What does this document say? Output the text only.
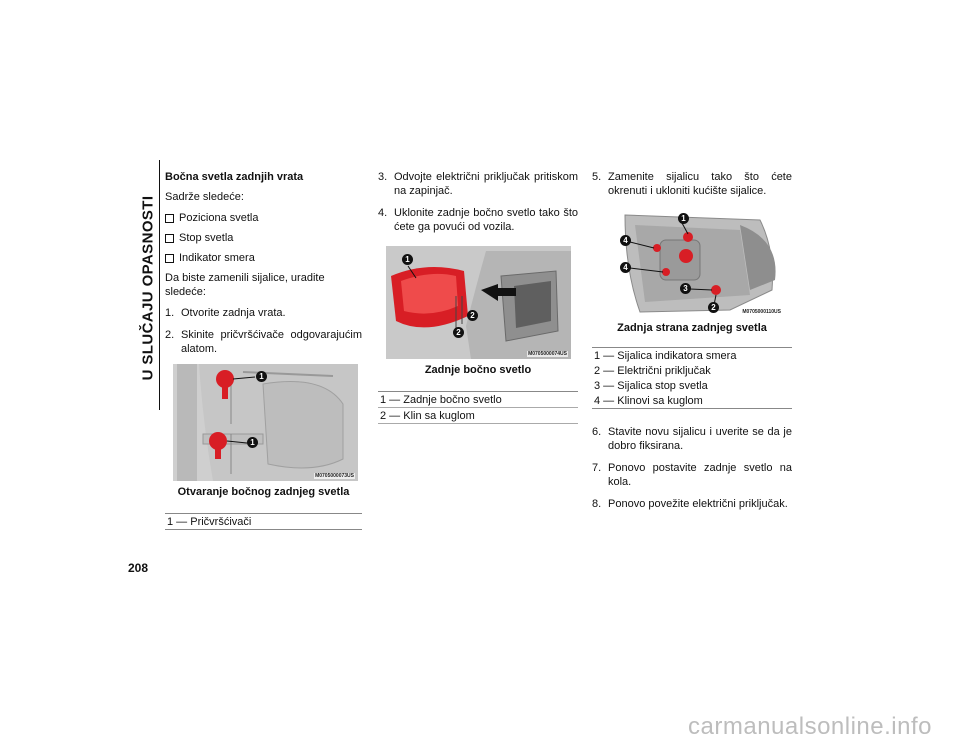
U SLUČAJU OPASNOSTI

Bočna svetla zadnjih vrata

Sadrže sledeće:

Poziciona svetla
Stop svetla
Indikator smera

Da biste zamenili sijalice, uradite sledeće:

1. Otvorite zadnja vrata.
2. Skinite pričvršćivače odgovarajućim alatom.
1
1
M0705000073US
Otvaranje bočnog zadnjeg svetla
1 — Pričvršćivači
3. Odvojte električni priključak pritiskom na zapinjač.
4. Uklonite zadnje bočno svetlo tako što ćete ga povući od vozila.
1
2
2
M0705000074US
Zadnje bočno svetlo
1 — Zadnje bočno svetlo
2 — Klin sa kuglom
5. Zamenite sijalicu tako što ćete okrenuti i ukloniti kućište sijalice.
1
4
4
3
2	M0705000110US
Zadnja strana zadnjeg svetla
1 — Sijalica indikatora smera
2 — Električni priključak
3 — Sijalica stop svetla
4 — Klinovi sa kuglom
6. Stavite novu sijalicu i uverite se da je dobro fiksirana.
7. Ponovo postavite zadnje svetlo na kola.
8. Ponovo povežite električni priključak.
208
carmanualsonline.info
